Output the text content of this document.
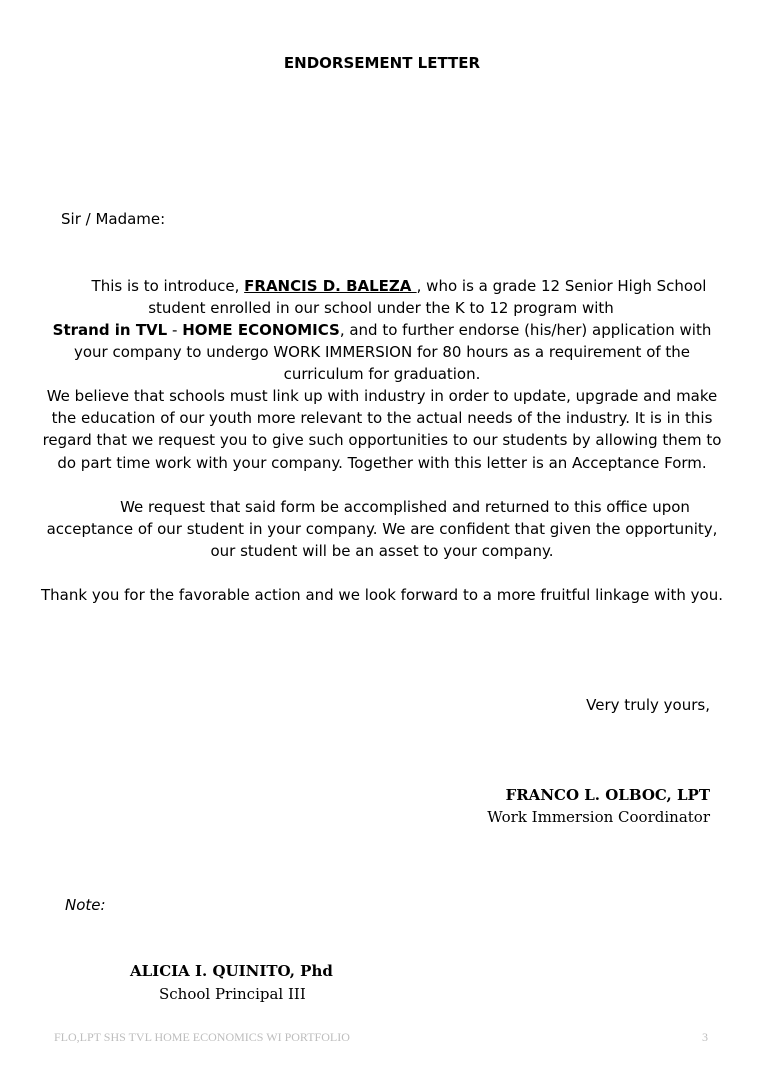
ENDORSEMENT LETTER
Sir / Madame:
This is to introduce, FRANCIS D. BALEZA , who is a grade 12 Senior High School
student enrolled in our school under the K to 12 program with
Strand in TVL - HOME ECONOMICS, and to further endorse (his/her) application with
your company to undergo WORK IMMERSION for 80 hours as a requirement of the
curriculum for graduation.
We believe that schools must link up with industry in order to update, upgrade and make
the education of our youth more relevant to the actual needs of the industry. It is in this
regard that we request you to give such opportunities to our students by allowing them to
do part time work with your company. Together with this letter is an Acceptance Form.
We request that said form be accomplished and returned to this office upon
acceptance of our student in your company. We are confident that given the opportunity,
our student will be an asset to your company.
Thank you for the favorable action and we look forward to a more fruitful linkage with you.
Very truly yours,
FRANCO L. OLBOC, LPT
Work Immersion Coordinator
Note:
ALICIA I. QUINITO, Phd
School Principal III
FLO,LPT SHS TVL HOME ECONOMICS WI PORTFOLIO	3
